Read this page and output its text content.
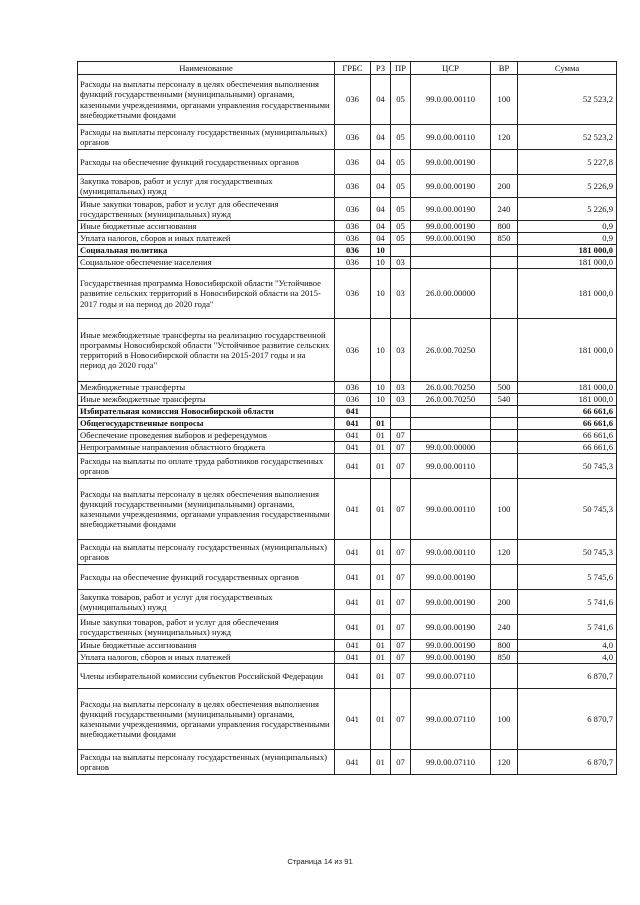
Наименование	ГРБС	РЗ	ПР	ЦСР	ВР	Сумма
Расходы на выплаты персоналу в целях обеспечения выполнения функций государственными (муниципальными) органами, казенными учреждениями, органами управления государственными внебюджетными фондами	036	04	05	99.0.00.00110	100	52 523,2
Расходы на выплаты персоналу государственных (муниципальных) органов	036	04	05	99.0.00.00110	120	52 523,2
Расходы на обеспечение функций государственных органов	036	04	05	99.0.00.00190		5 227,8
Закупка товаров, работ и услуг для государственных (муниципальных) нужд	036	04	05	99.0.00.00190	200	5 226,9
Иные закупки товаров, работ и услуг для обеспечения государственных (муниципальных) нужд	036	04	05	99.0.00.00190	240	5 226,9
Иные бюджетные ассигнования	036	04	05	99.0.00.00190	800	0,9
Уплата налогов, сборов и иных платежей	036	04	05	99.0.00.00190	850	0,9
Социальная политика	036	10				181 000,0
Социальное обеспечение населения	036	10	03			181 000,0
Государственная программа Новосибирской области "Устойчивое развитие сельских территорий в Новосибирской области на 2015-2017 годы и на период до 2020 года"	036	10	03	26.0.00.00000		181 000,0
Иные межбюджетные трансферты на реализацию государственной программы Новосибирской области "Устойчивое развитие сельских территорий в Новосибирской области на 2015-2017 годы и на период до 2020 года"	036	10	03	26.0.00.70250		181 000,0
Межбюджетные трансферты	036	10	03	26.0.00.70250	500	181 000,0
Иные межбюджетные трансферты	036	10	03	26.0.00.70250	540	181 000,0
Избирательная комиссия Новосибирской области	041					66 661,6
Общегосударственные вопросы	041	01				66 661,6
Обеспечение проведения выборов и референдумов	041	01	07			66 661,6
Непрограммные направления областного бюджета	041	01	07	99.0.00.00000		66 661,6
Расходы на выплаты по оплате труда работников государственных органов	041	01	07	99.0.00.00110		50 745,3
Расходы на выплаты персоналу в целях обеспечения выполнения функций государственными (муниципальными) органами, казенными учреждениями, органами управления государственными внебюджетными фондами	041	01	07	99.0.00.00110	100	50 745,3
Расходы на выплаты персоналу государственных (муниципальных) органов	041	01	07	99.0.00.00110	120	50 745,3
Расходы на обеспечение функций государственных органов	041	01	07	99.0.00.00190		5 745,6
Закупка товаров, работ и услуг для государственных (муниципальных) нужд	041	01	07	99.0.00.00190	200	5 741,6
Иные закупки товаров, работ и услуг для обеспечения государственных (муниципальных) нужд	041	01	07	99.0.00.00190	240	5 741,6
Иные бюджетные ассигнования	041	01	07	99.0.00.00190	800	4,0
Уплата налогов, сборов и иных платежей	041	01	07	99.0.00.00190	850	4,0
Члены избирательной комиссии субъектов Российской Федерации	041	01	07	99.0.00.07110		6 870,7
Расходы на выплаты персоналу в целях обеспечения выполнения функций государственными (муниципальными) органами, казенными учреждениями, органами управления государственными внебюджетными фондами	041	01	07	99.0.00.07110	100	6 870,7
Расходы на выплаты персоналу государственных (муниципальных) органов	041	01	07	99.0.00.07110	120	6 870,7
Страница 14 из 91
